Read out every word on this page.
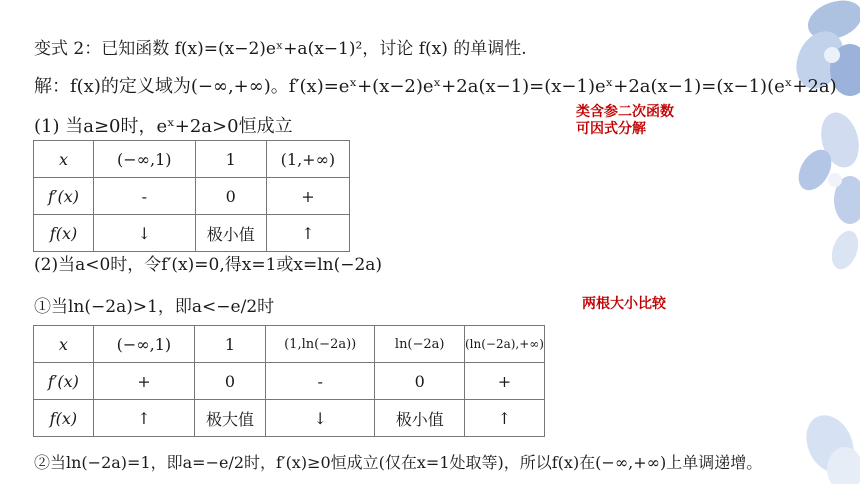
变式 2：已知函数 f(x)=(x−2)eˣ+a(x−1)²，讨论 f(x) 的单调性.
解：f(x)的定义域为(−∞,+∞)。f′(x)=eˣ+(x−2)eˣ+2a(x−1)=(x−1)eˣ+2a(x−1)=(x−1)(eˣ+2a)
(1) 当a≥0时，eˣ+2a>0恒成立
类含参二次函数
可因式分解
x	(−∞,1)	1	(1,+∞)
f′(x)	-	0	+
f(x)	↓	极小值	↑
(2)当a<0时，令f′(x)=0,得x=1或x=ln(−2a)
①当ln(−2a)>1，即a<−e/2时	两根大小比较
x	(−∞,1)	1	(1,ln(−2a))	ln(−2a)	(ln(−2a),+∞)
f′(x)	+	0	-	0	+
f(x)	↑	极大值	↓	极小值	↑
②当ln(−2a)=1，即a=−e/2时，f′(x)≥0恒成立(仅在x=1处取等)，所以f(x)在(−∞,+∞)上单调递增。
